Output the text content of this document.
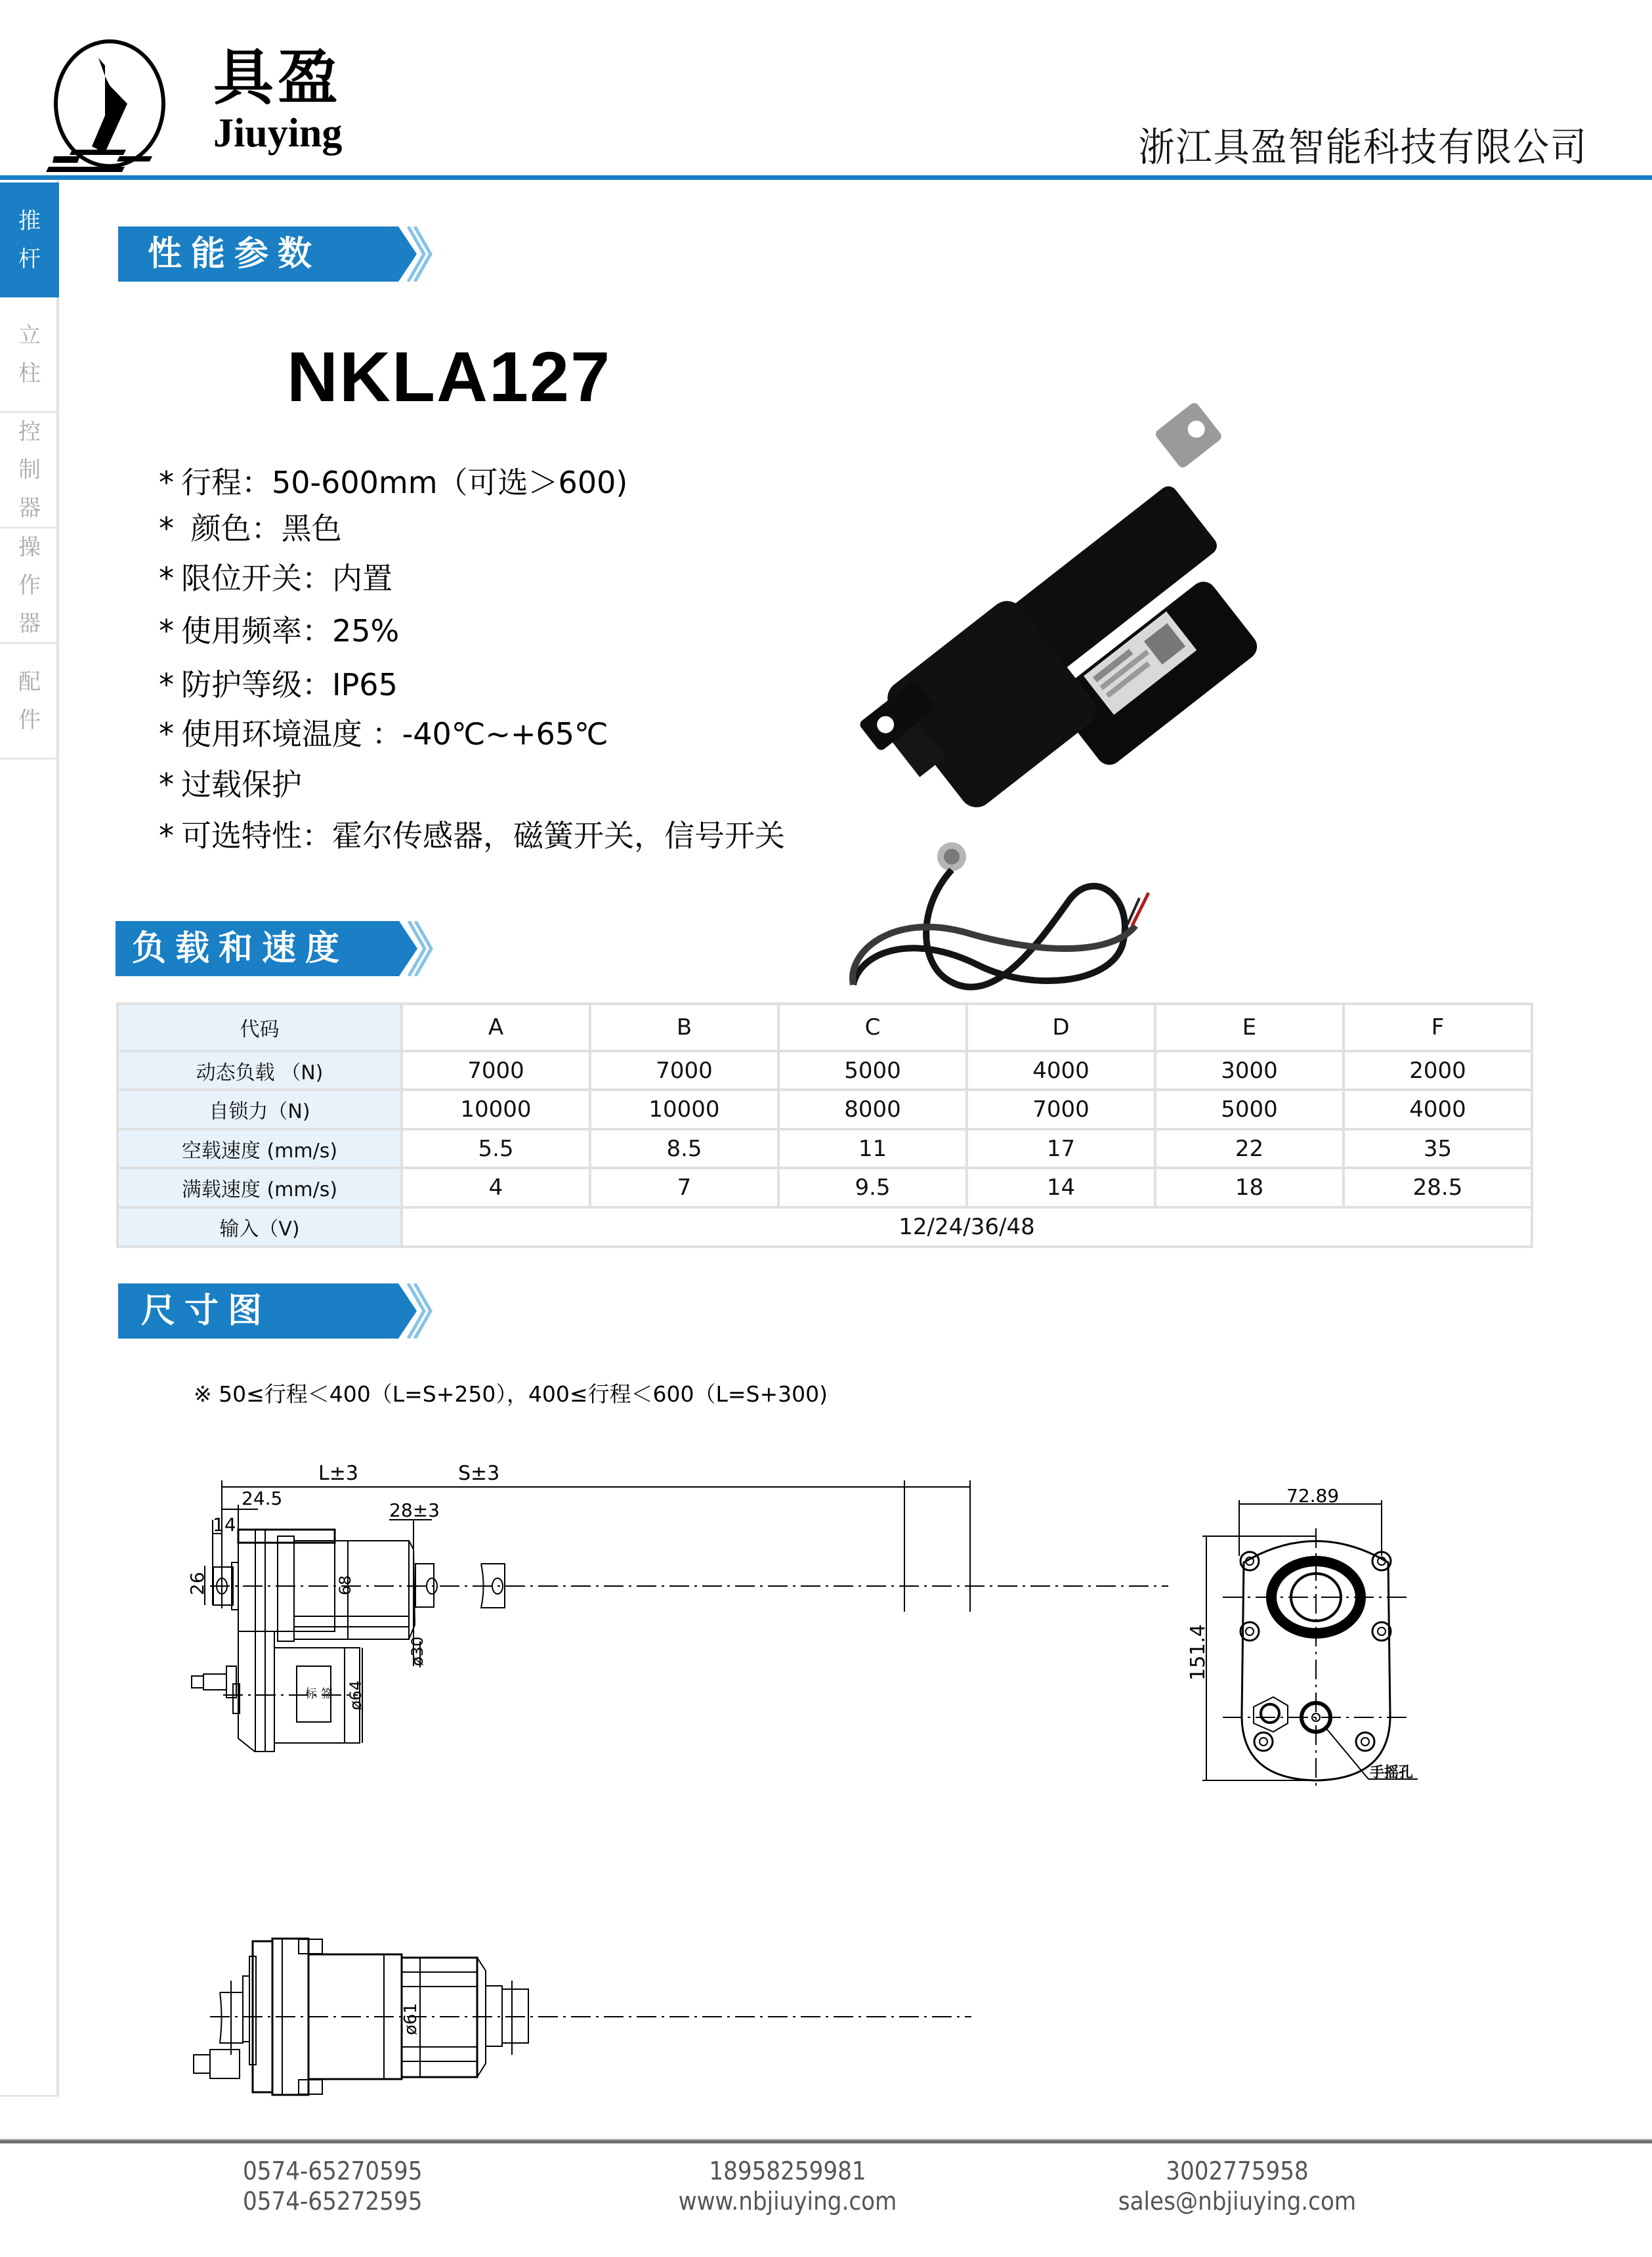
具盈
Jiuying	浙江具盈智能科技有限公司
推
杆
立
柱
控
制
器
操
作
器
配
件
性能参数
NKLA127
* 行程：50-600mm（可选＞600)
* 颜色：黑色
* 限位开关：内置
* 使用频率：25%
* 防护等级：IP65
* 使用环境温度 ：-40℃~+65℃
* 过载保护
* 可选特性：霍尔传感器，磁簧开关，信号开关
负载和速度
代码	A	B	C	D	E	F
动态负载 （N)	7000	7000	5000	4000	3000	2000
自锁力（N)	10000	10000	8000	7000	5000	4000
空载速度 (mm/s)	5.5	8.5	11	17	22	35
满载速度 (mm/s)	4	7	9.5	14	18	28.5
输入（V)	12/24/36/48					
尺寸图
※ 50≤行程＜400（L=S+250），400≤行程＜600（L=S+300)
L±3	S±3
24.5
14
26
28±3
68
ø30
标 签 ø64
72.89
151.4
手摇孔
ø61
0574-65270595
0574-65272595
18958259981
www.nbjiuying.com
3002775958
sales@nbjiuying.com
